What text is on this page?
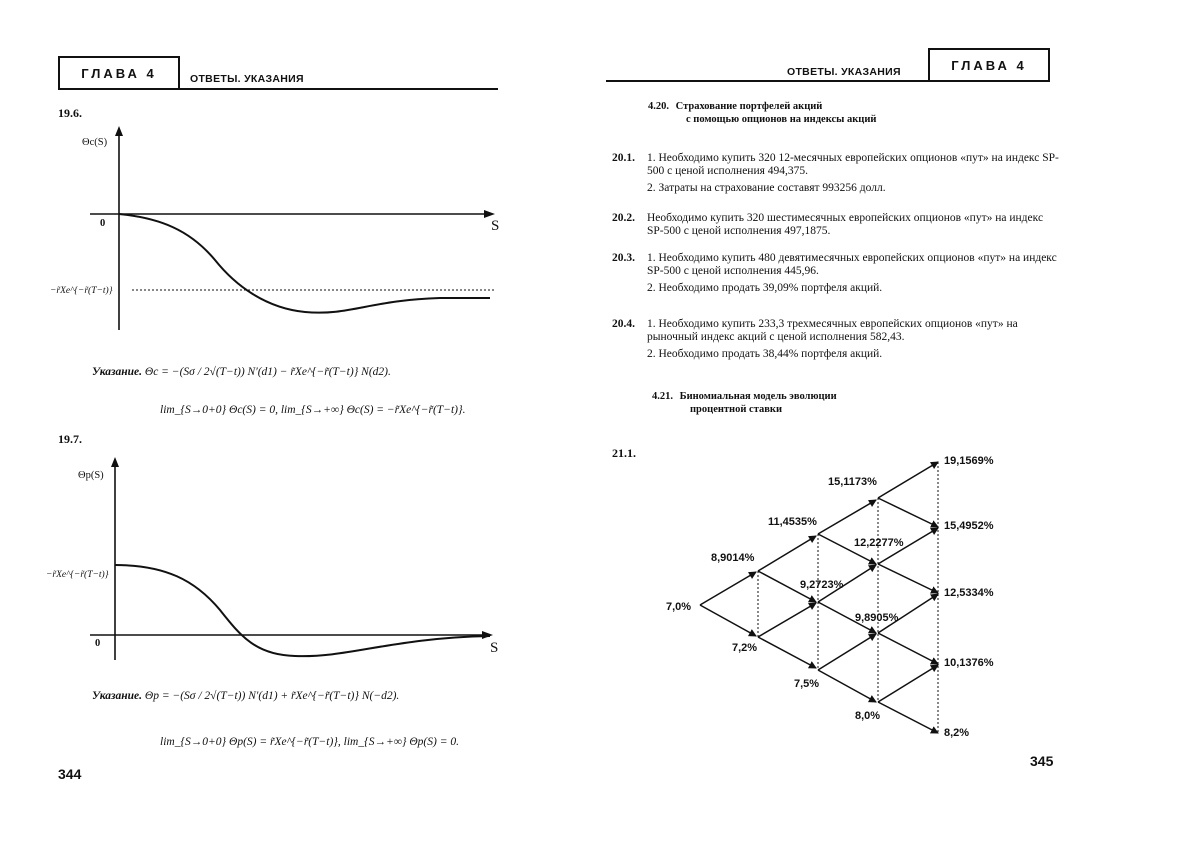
ГЛАВА 4	ОТВЕТЫ. УКАЗАНИЯ
19.6.
Θc(S)
0	S
−r̃Xe^{−r̃(T−t)}
Указание. Θc = −(Sσ / 2√(T−t)) N′(d1) − r̃Xe^{−r̃(T−t)} N(d2).
lim_{S→0+0} Θc(S) = 0, lim_{S→+∞} Θc(S) = −r̃Xe^{−r̃(T−t)}.
19.7.
Θp(S)
−r̃Xe^{−r̃(T−t)}
0	S
Указание. Θp = −(Sσ / 2√(T−t)) N′(d1) + r̃Xe^{−r̃(T−t)} N(−d2).
lim_{S→0+0} Θp(S) = r̃Xe^{−r̃(T−t)}, lim_{S→+∞} Θp(S) = 0.
344
ОТВЕТЫ. УКАЗАНИЯ	ГЛАВА 4
4.20. Страхование портфелей акций
с помощью опционов на индексы акций
20.1. 1. Необходимо купить 320 12-месячных европейских опционов «пут» на индекс SP-500 с ценой исполнения 494,375.
2. Затраты на страхование составят 993256 долл.
20.2. Необходимо купить 320 шестимесячных европейских опционов «пут» на индекс SP-500 с ценой исполнения 497,1875.
20.3. 1. Необходимо купить 480 девятимесячных европейских опционов «пут» на индекс SP-500 с ценой исполнения 445,96.
2. Необходимо продать 39,09% портфеля акций.
20.4. 1. Необходимо купить 233,3 трехмесячных европейских опционов «пут» на рыночный индекс акций с ценой исполнения 582,43.
2. Необходимо продать 38,44% портфеля акций.
4.21. Биномиальная модель эволюции
процентной ставки
21.1.
7,0%
8,9014%
7,2%
11,4535%
9,2723%
7,5%
15,1173%
12,2277%
9,8905%
8,0%
19,1569%
15,4952%
12,5334%
10,1376%
8,2%
345
